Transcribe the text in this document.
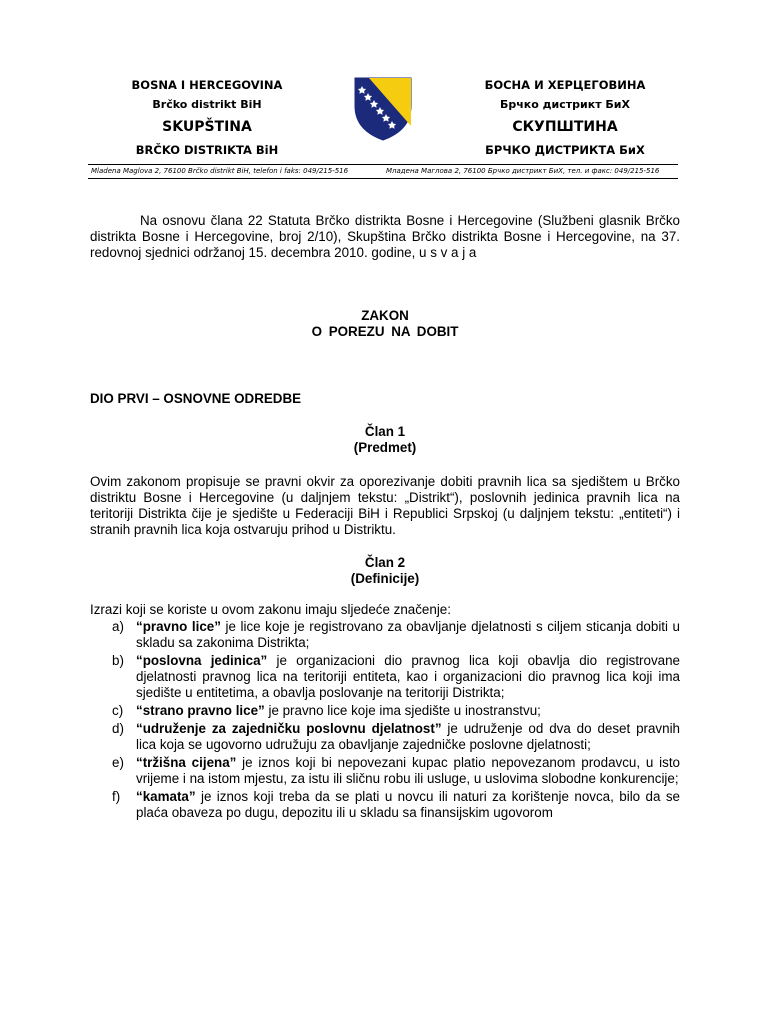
BOSNA I HERCEGOVINA
Brčko distrikt BiH
SKUPŠTINA
BRČKO DISTRIKTA BiH
БОСНА И ХЕРЦЕГОВИНА
Брчко дистрикт БиХ
СКУПШТИНА
БРЧКО ДИСТРИКТА БиХ
Mladena Maglova 2, 76100 Brčko distrikt BiH, telefon i faks: 049/215-516	Младена Маглова 2, 76100 Брчко дистрикт БиХ, тел. и факс: 049/215-516
Na osnovu člana 22 Statuta Brčko distrikta Bosne i Hercegovine (Službeni glasnik Brčko distrikta Bosne i Hercegovine, broj 2/10), Skupština Brčko distrikta Bosne i Hercegovine, na 37. redovnoj sjednici održanoj 15. decembra 2010. godine, u s v a j a
ZAKON
O POREZU NA DOBIT
DIO PRVI – OSNOVNE ODREDBE
Član 1
(Predmet)
Ovim zakonom propisuje se pravni okvir za oporezivanje dobiti pravnih lica sa sjedištem u Brčko distriktu Bosne i Hercegovine (u daljnjem tekstu: „Distrikt“), poslovnih jedinica pravnih lica na teritoriji Distrikta čije je sjedište u Federaciji BiH i Republici Srpskoj (u daljnjem tekstu: „entiteti“) i stranih pravnih lica koja ostvaruju prihod u Distriktu.
Član 2
(Definicije)
Izrazi koji se koriste u ovom zakonu imaju sljedeće značenje:
a) “pravno lice” je lice koje je registrovano za obavljanje djelatnosti s ciljem sticanja dobiti u skladu sa zakonima Distrikta;
b) “poslovna jedinica” je organizacioni dio pravnog lica koji obavlja dio registrovane djelatnosti pravnog lica na teritoriji entiteta, kao i organizacioni dio pravnog lica koji ima sjedište u entitetima, a obavlja poslovanje na teritoriji Distrikta;
c) “strano pravno lice” je pravno lice koje ima sjedište u inostranstvu;
d) “udruženje za zajedničku poslovnu djelatnost” je udruženje od dva do deset pravnih lica koja se ugovorno udružuju za obavljanje zajedničke poslovne djelatnosti;
e) “tržišna cijena” je iznos koji bi nepovezani kupac platio nepovezanom prodavcu, u isto vrijeme i na istom mjestu, za istu ili sličnu robu ili usluge, u uslovima slobodne konkurencije;
f) “kamata” je iznos koji treba da se plati u novcu ili naturi za korištenje novca, bilo da se plaća obaveza po dugu, depozitu ili u skladu sa finansijskim ugovorom
